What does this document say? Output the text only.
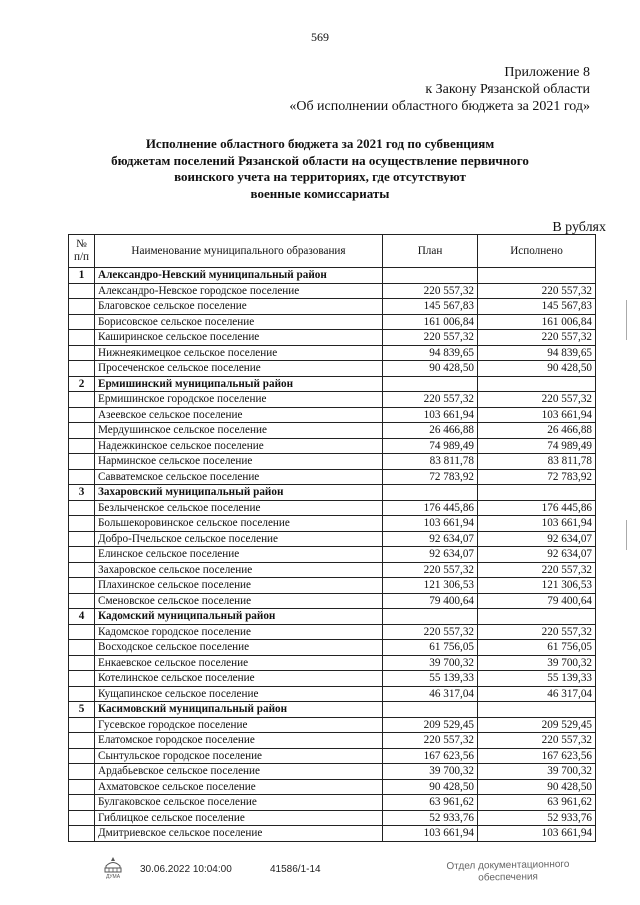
569
Приложение 8
к Закону Рязанской области
«Об исполнении областного бюджета за 2021 год»
Исполнение областного бюджета за 2021 год по субвенциям
бюджетам поселений Рязанской области на осуществление первичного
воинского учета на территориях, где отсутствуют
военные комиссариаты
В рублях
№ п/п	Наименование муниципального образования	План	Исполнено
1	Александро-Невский муниципальный район		
	Александро-Невское городское поселение	220 557,32	220 557,32
	Благовское сельское поселение	145 567,83	145 567,83
	Борисовское сельское поселение	161 006,84	161 006,84
	Каширинское сельское поселение	220 557,32	220 557,32
	Нижнеякимецкое сельское поселение	94 839,65	94 839,65
	Просеченское сельское поселение	90 428,50	90 428,50
2	Ермишинский муниципальный район		
	Ермишинское городское поселение	220 557,32	220 557,32
	Азеевское сельское поселение	103 661,94	103 661,94
	Мердушинское сельское поселение	26 466,88	26 466,88
	Надежкинское сельское поселение	74 989,49	74 989,49
	Нарминское сельское поселение	83 811,78	83 811,78
	Савватемское сельское поселение	72 783,92	72 783,92
3	Захаровский муниципальный район		
	Безлыченское сельское поселение	176 445,86	176 445,86
	Большекоровинское сельское поселение	103 661,94	103 661,94
	Добро-Пчельское сельское поселение	92 634,07	92 634,07
	Елинское сельское поселение	92 634,07	92 634,07
	Захаровское сельское поселение	220 557,32	220 557,32
	Плахинское сельское поселение	121 306,53	121 306,53
	Сменовское сельское поселение	79 400,64	79 400,64
4	Кадомский муниципальный район		
	Кадомское городское поселение	220 557,32	220 557,32
	Восходское сельское поселение	61 756,05	61 756,05
	Енкаевское сельское поселение	39 700,32	39 700,32
	Котелинское сельское поселение	55 139,33	55 139,33
	Кущапинское сельское поселение	46 317,04	46 317,04
5	Касимовский муниципальный район		
	Гусевское городское поселение	209 529,45	209 529,45
	Елатомское городское поселение	220 557,32	220 557,32
	Сынтульское городское поселение	167 623,56	167 623,56
	Ардабьевское сельское поселение	39 700,32	39 700,32
	Ахматовское сельское поселение	90 428,50	90 428,50
	Булгаковское сельское поселение	63 961,62	63 961,62
	Гиблицкое сельское поселение	52 933,76	52 933,76
	Дмитриевское сельское поселение	103 661,94	103 661,94
ДУМА
30.06.2022 10:04:00	41586/1-14	Отдел документационного
обеспечения
